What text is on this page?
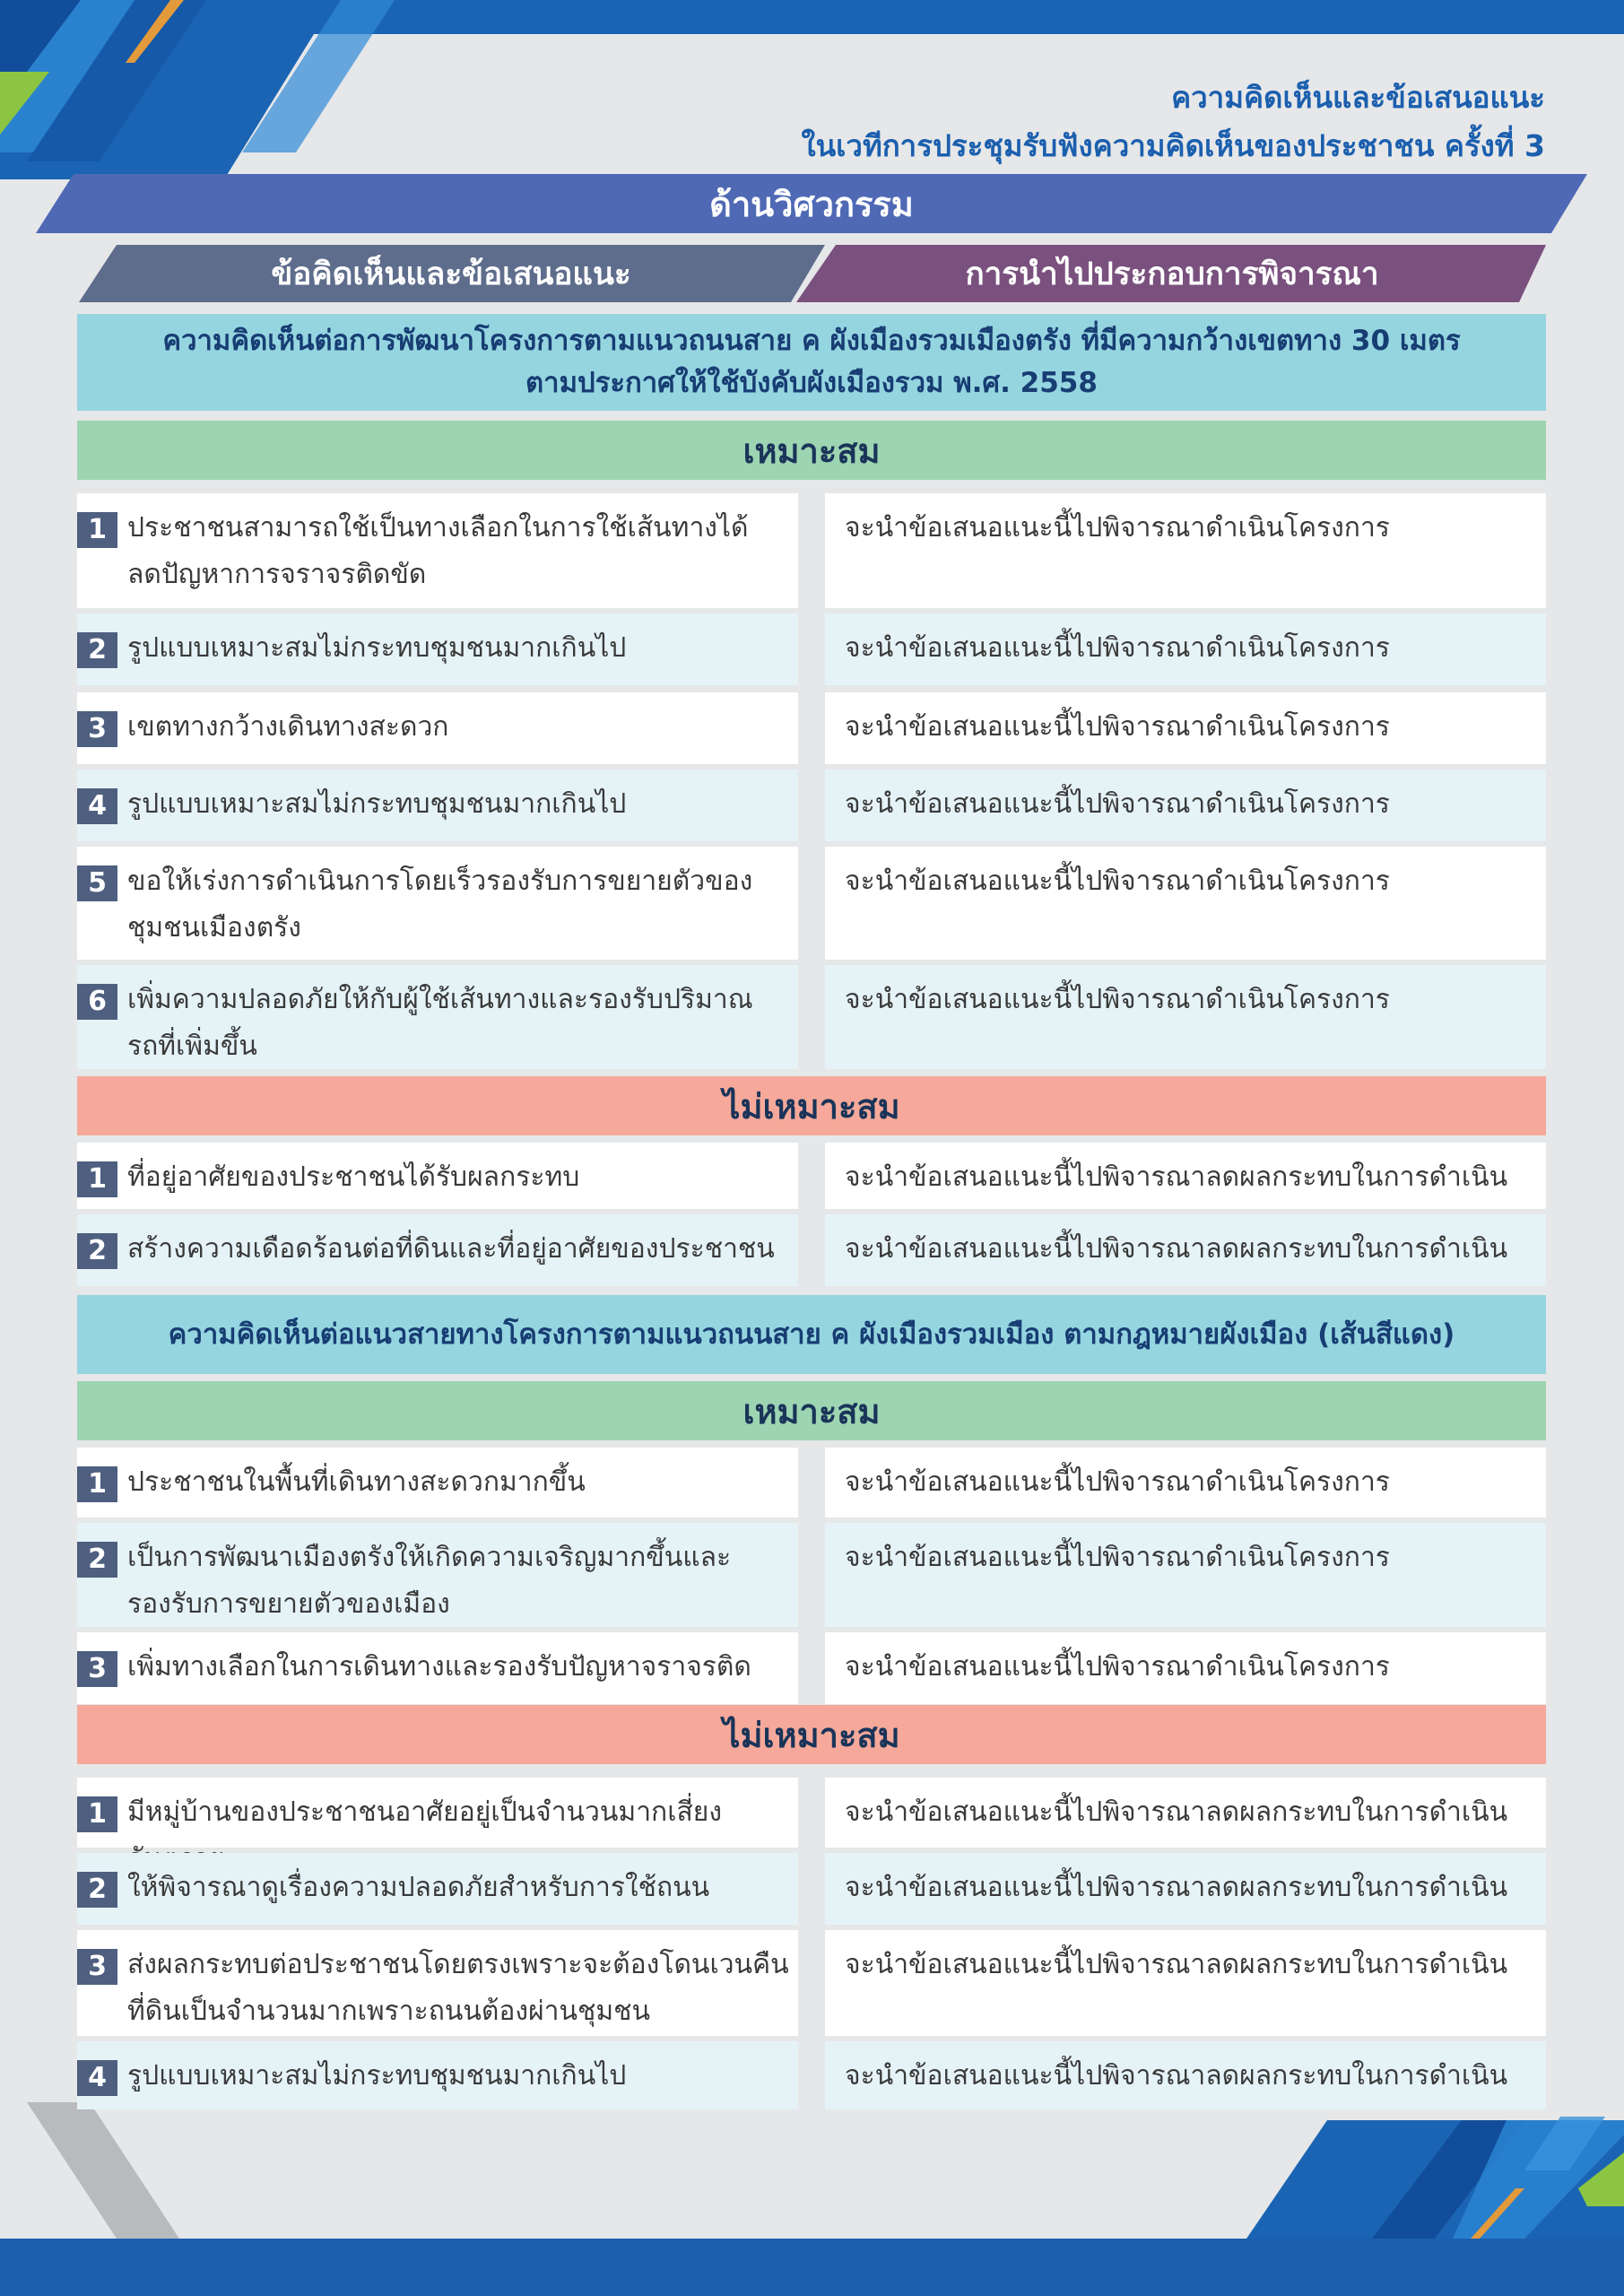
ความคิดเห็นและข้อเสนอแนะ
ในเวทีการประชุมรับฟังความคิดเห็นของประชาชน ครั้งที่ 3
ด้านวิศวกรรม
ข้อคิดเห็นและข้อเสนอแนะ	การนำไปประกอบการพิจารณา
ความคิดเห็นต่อการพัฒนาโครงการตามแนวถนนสาย ค ผังเมืองรวมเมืองตรัง ที่มีความกว้างเขตทาง 30 เมตร
ตามประกาศให้ใช้บังคับผังเมืองรวม พ.ศ. 2558
เหมาะสม
1 ประชาชนสามารถใช้เป็นทางเลือกในการใช้เส้นทางได้
ลดปัญหาการจราจรติดขัด
จะนำข้อเสนอแนะนี้ไปพิจารณาดำเนินโครงการ
2 รูปแบบเหมาะสมไม่กระทบชุมชนมากเกินไป	จะนำข้อเสนอแนะนี้ไปพิจารณาดำเนินโครงการ
3 เขตทางกว้างเดินทางสะดวก	จะนำข้อเสนอแนะนี้ไปพิจารณาดำเนินโครงการ
4 รูปแบบเหมาะสมไม่กระทบชุมชนมากเกินไป	จะนำข้อเสนอแนะนี้ไปพิจารณาดำเนินโครงการ
5 ขอให้เร่งการดำเนินการโดยเร็วรองรับการขยายตัวของ
ชุมชนเมืองตรัง
จะนำข้อเสนอแนะนี้ไปพิจารณาดำเนินโครงการ
6 เพิ่มความปลอดภัยให้กับผู้ใช้เส้นทางและรองรับปริมาณ
รถที่เพิ่มขึ้น
จะนำข้อเสนอแนะนี้ไปพิจารณาดำเนินโครงการ
ไม่เหมาะสม
1 ที่อยู่อาศัยของประชาชนได้รับผลกระทบ	จะนำข้อเสนอแนะนี้ไปพิจารณาลดผลกระทบในการดำเนิน
2 สร้างความเดือดร้อนต่อที่ดินและที่อยู่อาศัยของประชาชน	จะนำข้อเสนอแนะนี้ไปพิจารณาลดผลกระทบในการดำเนิน
ความคิดเห็นต่อแนวสายทางโครงการตามแนวถนนสาย ค ผังเมืองรวมเมือง ตามกฎหมายผังเมือง (เส้นสีแดง)
เหมาะสม
1 ประชาชนในพื้นที่เดินทางสะดวกมากขึ้น	จะนำข้อเสนอแนะนี้ไปพิจารณาดำเนินโครงการ
2 เป็นการพัฒนาเมืองตรังให้เกิดความเจริญมากขึ้นและ
รองรับการขยายตัวของเมือง
จะนำข้อเสนอแนะนี้ไปพิจารณาดำเนินโครงการ
3 เพิ่มทางเลือกในการเดินทางและรองรับปัญหาจราจรติด	จะนำข้อเสนอแนะนี้ไปพิจารณาดำเนินโครงการ
ไม่เหมาะสม
1 มีหมู่บ้านของประชาชนอาศัยอยู่เป็นจำนวนมากเสี่ยง	จะนำข้อเสนอแนะนี้ไปพิจารณาลดผลกระทบในการดำเนิน
2 ให้พิจารณาดูเรื่องความปลอดภัยสำหรับการใช้ถนน	จะนำข้อเสนอแนะนี้ไปพิจารณาลดผลกระทบในการดำเนิน
3 ส่งผลกระทบต่อประชาชนโดยตรงเพราะจะต้องโดนเวนคืน
ที่ดินเป็นจำนวนมากเพราะถนนต้องผ่านชุมชน
จะนำข้อเสนอแนะนี้ไปพิจารณาลดผลกระทบในการดำเนิน
4 รูปแบบเหมาะสมไม่กระทบชุมชนมากเกินไป	จะนำข้อเสนอแนะนี้ไปพิจารณาลดผลกระทบในการดำเนิน
